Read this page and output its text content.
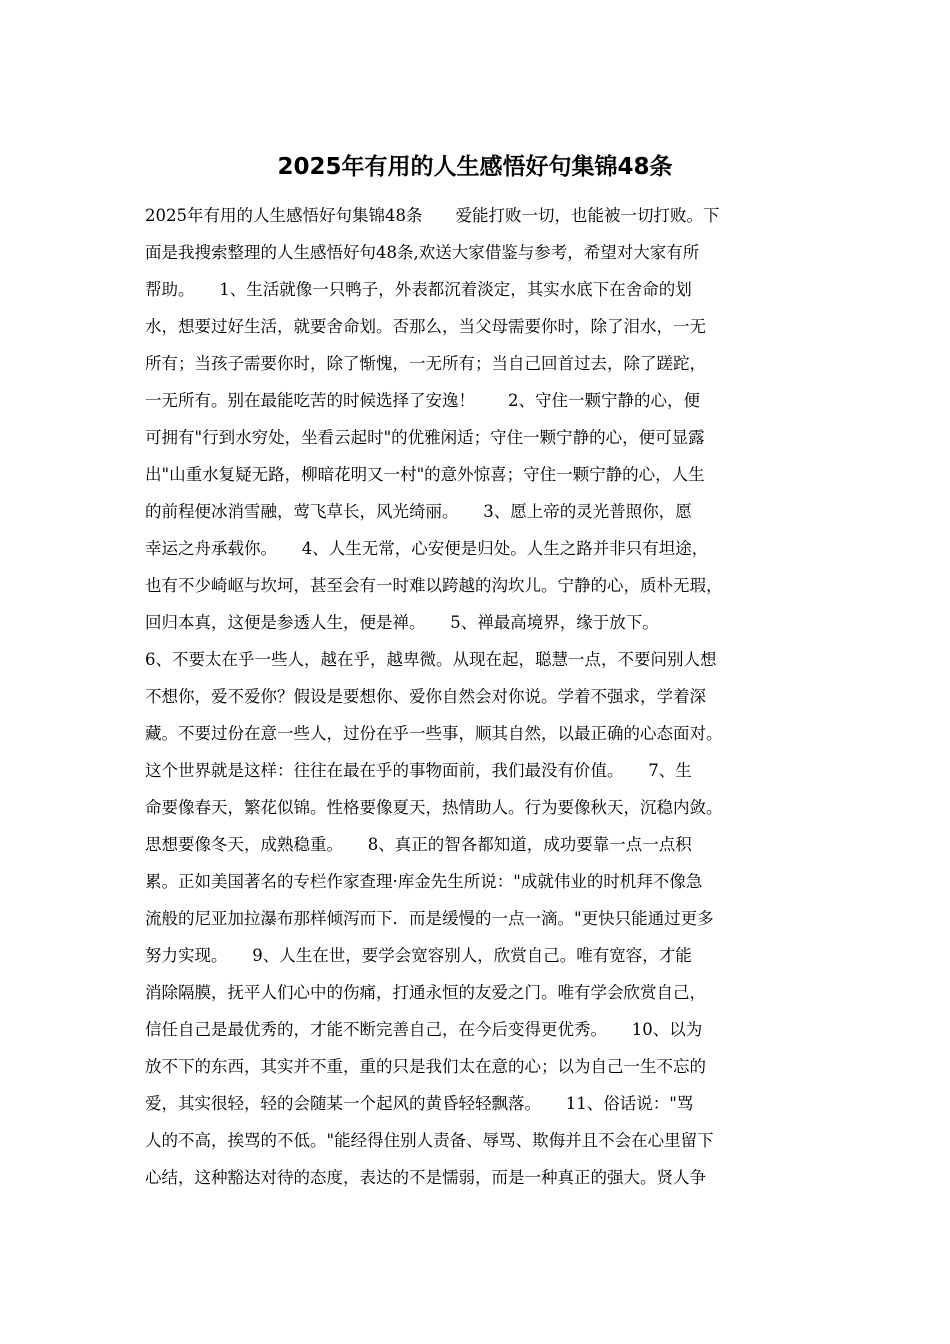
2025年有用的人生感悟好句集锦48条
2025年有用的人生感悟好句集锦48条　　爱能打败一切，也能被一切打败。下
面是我搜索整理的人生感悟好句48条,欢送大家借鉴与参考，希望对大家有所
帮助。　　1、生活就像一只鸭子，外表都沉着淡定，其实水底下在舍命的划
水，想要过好生活，就要舍命划。否那么，当父母需要你时，除了泪水，一无
所有；当孩子需要你时，除了惭愧，一无所有；当自己回首过去，除了蹉跎，
一无所有。别在最能吃苦的时候选择了安逸！　　2、守住一颗宁静的心，便
可拥有"行到水穷处，坐看云起时"的优雅闲适；守住一颗宁静的心，便可显露
出"山重水复疑无路，柳暗花明又一村"的意外惊喜；守住一颗宁静的心，人生
的前程便冰消雪融，莺飞草长，风光绮丽。　　3、愿上帝的灵光普照你，愿
幸运之舟承载你。　　4、人生无常，心安便是归处。人生之路并非只有坦途，
也有不少崎岖与坎坷，甚至会有一时难以跨越的沟坎儿。宁静的心，质朴无瑕，
回归本真，这便是参透人生，便是禅。　　5、禅最高境界，缘于放下。
6、不要太在乎一些人，越在乎，越卑微。从现在起，聪慧一点，不要问别人想
不想你，爱不爱你？假设是要想你、爱你自然会对你说。学着不强求，学着深
藏。不要过份在意一些人，过份在乎一些事，顺其自然，以最正确的心态面对。
这个世界就是这样：往往在最在乎的事物面前，我们最没有价值。　　7、生
命要像春天，繁花似锦。性格要像夏天，热情助人。行为要像秋天，沉稳内敛。
思想要像冬天，成熟稳重。　　8、真正的智各都知道，成功要靠一点一点积
累。正如美国著名的专栏作家查理·库金先生所说："成就伟业的时机拜不像急
流般的尼亚加拉瀑布那样倾泻而下．而是缓慢的一点一滴。"更快只能通过更多
努力实现。　　9、人生在世，要学会宽容别人，欣赏自己。唯有宽容，才能
消除隔膜，抚平人们心中的伤痛，打通永恒的友爱之门。唯有学会欣赏自己，
信任自己是最优秀的，才能不断完善自己，在今后变得更优秀。　　10、以为
放不下的东西，其实并不重，重的只是我们太在意的心；以为自己一生不忘的
爱，其实很轻，轻的会随某一个起风的黄昏轻轻飘落。　　11、俗话说："骂
人的不高，挨骂的不低。"能经得住别人责备、辱骂、欺侮并且不会在心里留下
心结，这种豁达对待的态度，表达的不是懦弱，而是一种真正的强大。贤人争
